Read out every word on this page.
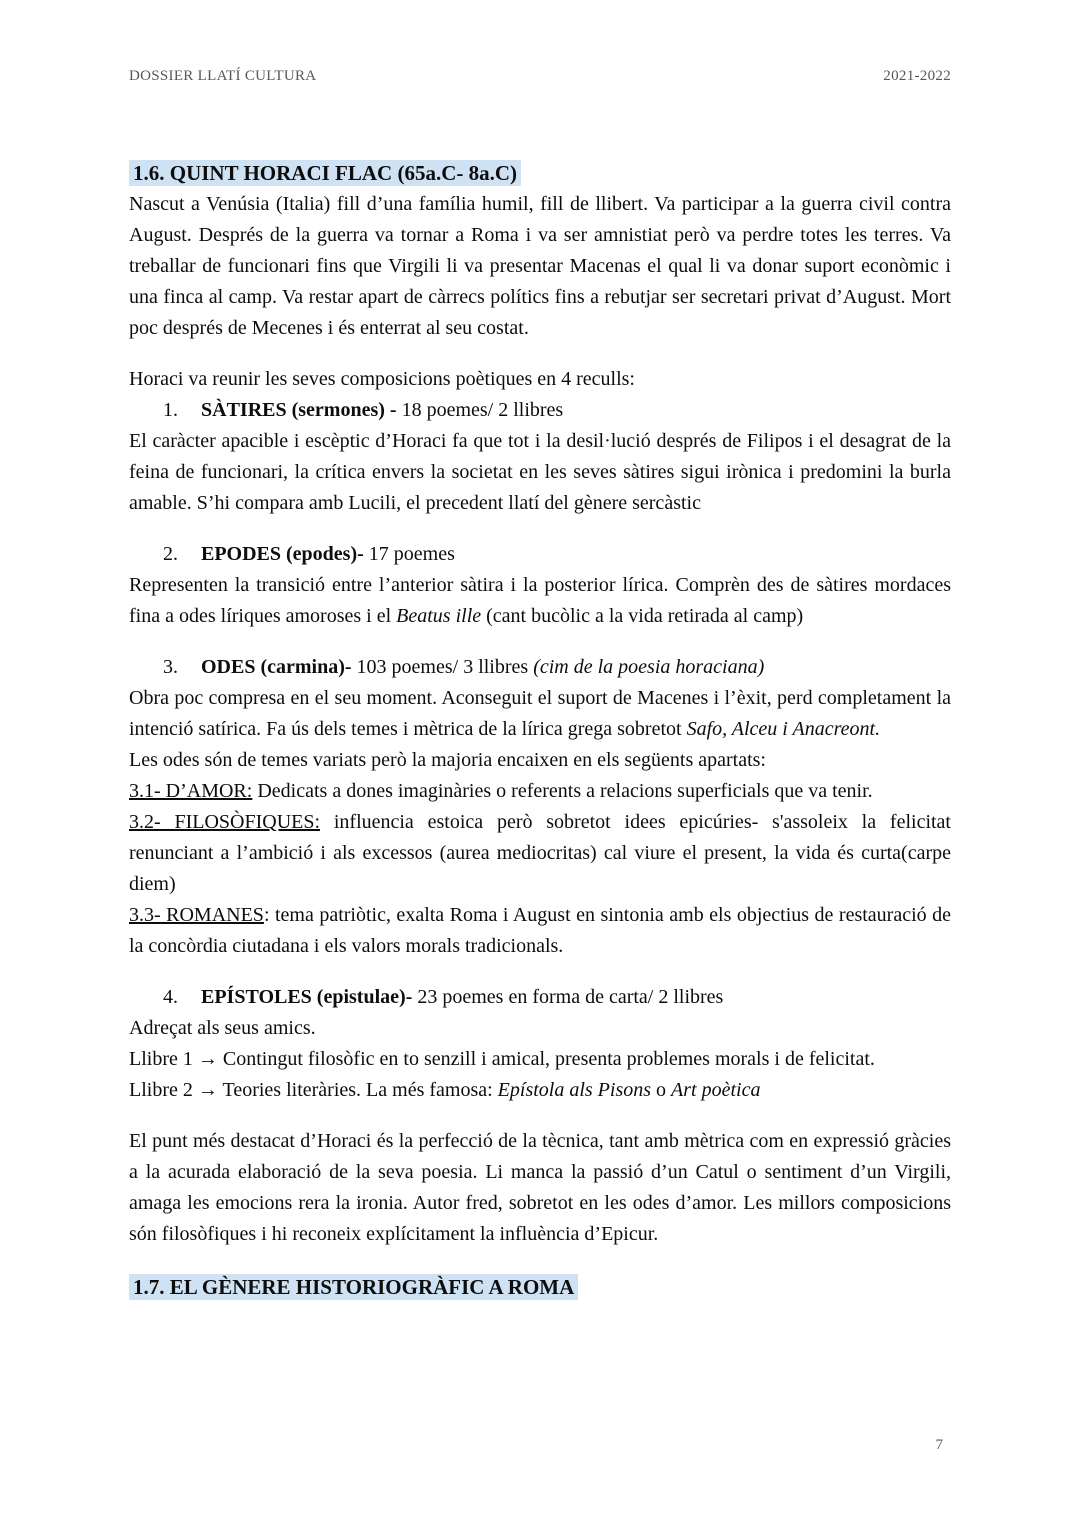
DOSSIER LLATÍ CULTURA	2021-2022

1.6. QUINT HORACI FLAC (65a.C- 8a.C)

Nascut a Venúsia (Italia) fill d’una família humil, fill de llibert. Va participar a la guerra civil contra August. Després de la guerra va tornar a Roma i va ser amnistiat però va perdre totes les terres. Va treballar de funcionari fins que Virgili li va presentar Macenas el qual li va donar suport econòmic i una finca al camp. Va restar apart de càrrecs polítics fins a rebutjar ser secretari privat d’August. Mort poc després de Mecenes i és enterrat al seu costat.

Horaci va reunir les seves composicions poètiques en 4 reculls:

1.	SÀTIRES (sermones) - 18 poemes/ 2 llibres

El caràcter apacible i escèptic d’Horaci fa que tot i la desil·lució després de Filipos i el desagrat de la feina de funcionari, la crítica envers la societat en les seves sàtires sigui irònica i predomini la burla amable. S’hi compara amb Lucili, el precedent llatí del gènere sercàstic

2.	EPODES (epodes)- 17 poemes

Representen la transició entre l’anterior sàtira i la posterior lírica. Comprèn des de sàtires mordaces fina a odes líriques amoroses i el Beatus ille (cant bucòlic a la vida retirada al camp)

3.	ODES (carmina)- 103 poemes/ 3 llibres (cim de la poesia horaciana)

Obra poc compresa en el seu moment. Aconseguit el suport de Macenes i l’èxit, perd completament la intenció satírica. Fa ús dels temes i mètrica de la lírica grega sobretot Safo, Alceu i Anacreont.

Les odes són de temes variats però la majoria encaixen en els següents apartats:

3.1- D’AMOR: Dedicats a dones imaginàries o referents a relacions superficials que va tenir.

3.2- FILOSÒFIQUES: influencia estoica però sobretot idees epicúries- s'assoleix la felicitat renunciant a l’ambició i als excessos (aurea mediocritas) cal viure el present, la vida és curta(carpe diem)

3.3- ROMANES: tema patriòtic, exalta Roma i August en sintonia amb els objectius de restauració de la concòrdia ciutadana i els valors morals tradicionals.

4.	EPÍSTOLES (epistulae)- 23 poemes en forma de carta/ 2 llibres

Adreçat als seus amics.

Llibre 1 → Contingut filosòfic en to senzill i amical, presenta problemes morals i de felicitat.

Llibre 2 → Teories literàries. La més famosa: Epístola als Pisons o Art poètica

El punt més destacat d’Horaci és la perfecció de la tècnica, tant amb mètrica com en expressió gràcies a la acurada elaboració de la seva poesia. Li manca la passió d’un Catul o sentiment d’un Virgili, amaga les emocions rera la ironia. Autor fred, sobretot en les odes d’amor. Les millors composicions són filosòfiques i hi reconeix explícitament la influència d’Epicur.

1.7. EL GÈNERE HISTORIOGRÀFIC A ROMA

7
